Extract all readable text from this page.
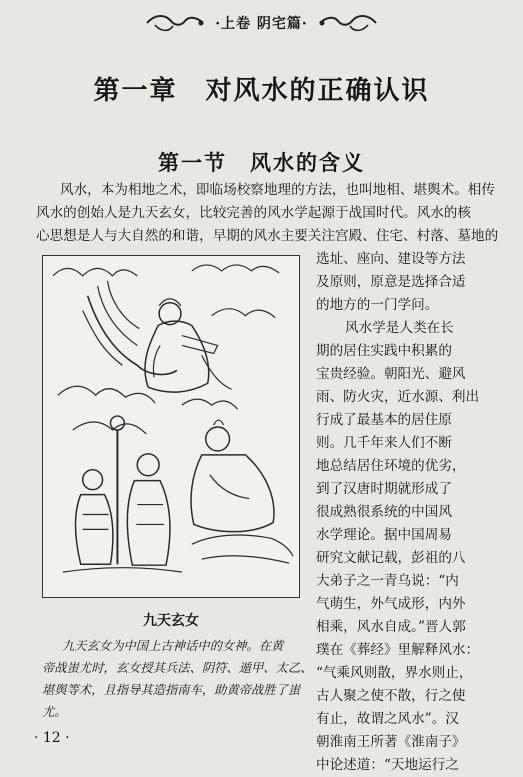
·上卷 阴宅篇·
第一章　对风水的正确认识
第一节　风水的含义
风水，本为相地之术，即临场校察地理的方法，也叫地相、堪舆术。相传
风水的创始人是九天玄女，比较完善的风水学起源于战国时代。风水的核
心思想是人与大自然的和谐，早期的风水主要关注宫殿、住宅、村落、墓地的
选址、座向、建设等方法
及原则，原意是选择合适
的地方的一门学问。
风水学是人类在长
期的居住实践中积累的
宝贵经验。朝阳光、避风
雨、防火灾，近水源、利出
行成了最基本的居住原
则。几千年来人们不断
地总结居住环境的优劣，
到了汉唐时期就形成了
很成熟很系统的中国风
水学理论。据中国周易
研究文献记载，彭祖的八
大弟子之一青乌说：“内
气萌生，外气成形，内外
相乘，风水自成。”晋人郭
璞在《葬经》里解释风水：
“气乘风则散，界水则止，
古人聚之使不散，行之使
有止，故谓之风水”。汉
朝淮南王所著《淮南子》
中论述道：“天地运行之
九天玄女
九天玄女为中国上古神话中的女神。在黄
帝战蚩尤时，玄女授其兵法、阴符、遁甲、太乙、
堪舆等术，且指导其造指南车，助黄帝战胜了蚩
尤。
· 12 ·
